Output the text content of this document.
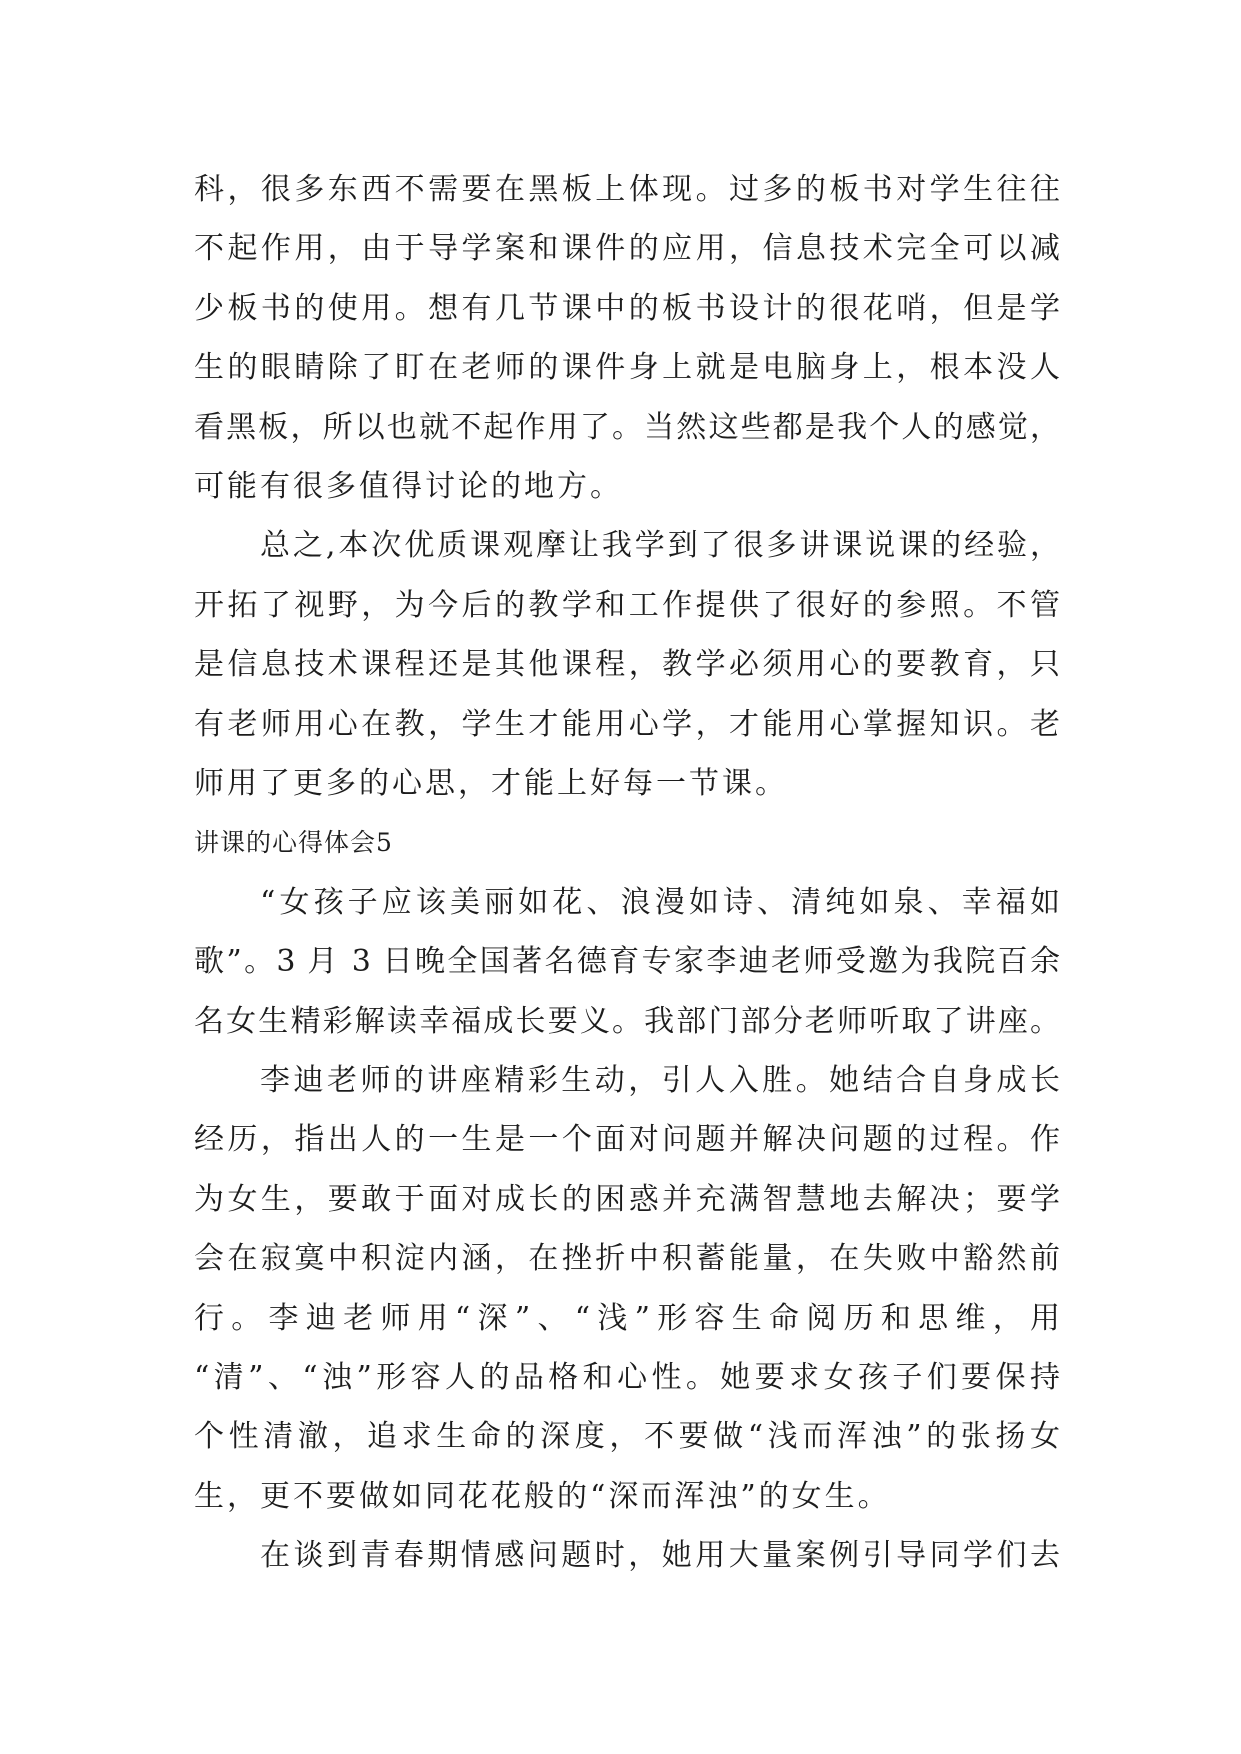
科，很多东西不需要在黑板上体现。过多的板书对学生往往
不起作用，由于导学案和课件的应用，信息技术完全可以减
少板书的使用。想有几节课中的板书设计的很花哨，但是学
生的眼睛除了盯在老师的课件身上就是电脑身上，根本没人
看黑板，所以也就不起作用了。当然这些都是我个人的感觉，
可能有很多值得讨论的地方。
总之,本次优质课观摩让我学到了很多讲课说课的经验，
开拓了视野，为今后的教学和工作提供了很好的参照。不管
是信息技术课程还是其他课程，教学必须用心的要教育，只
有老师用心在教，学生才能用心学，才能用心掌握知识。老
师用了更多的心思，才能上好每一节课。
讲课的心得体会5
“女孩子应该美丽如花、浪漫如诗、清纯如泉、幸福如
歌”。3 月 3 日晚全国著名德育专家李迪老师受邀为我院百余
名女生精彩解读幸福成长要义。我部门部分老师听取了讲座。
李迪老师的讲座精彩生动，引人入胜。她结合自身成长
经历，指出人的一生是一个面对问题并解决问题的过程。作
为女生，要敢于面对成长的困惑并充满智慧地去解决；要学
会在寂寞中积淀内涵，在挫折中积蓄能量，在失败中豁然前
行。李迪老师用“深”、“浅”形容生命阅历和思维，用
“清”、“浊”形容人的品格和心性。她要求女孩子们要保持
个性清澈，追求生命的深度，不要做“浅而浑浊”的张扬女
生，更不要做如同花花般的“深而浑浊”的女生。
在谈到青春期情感问题时，她用大量案例引导同学们去
